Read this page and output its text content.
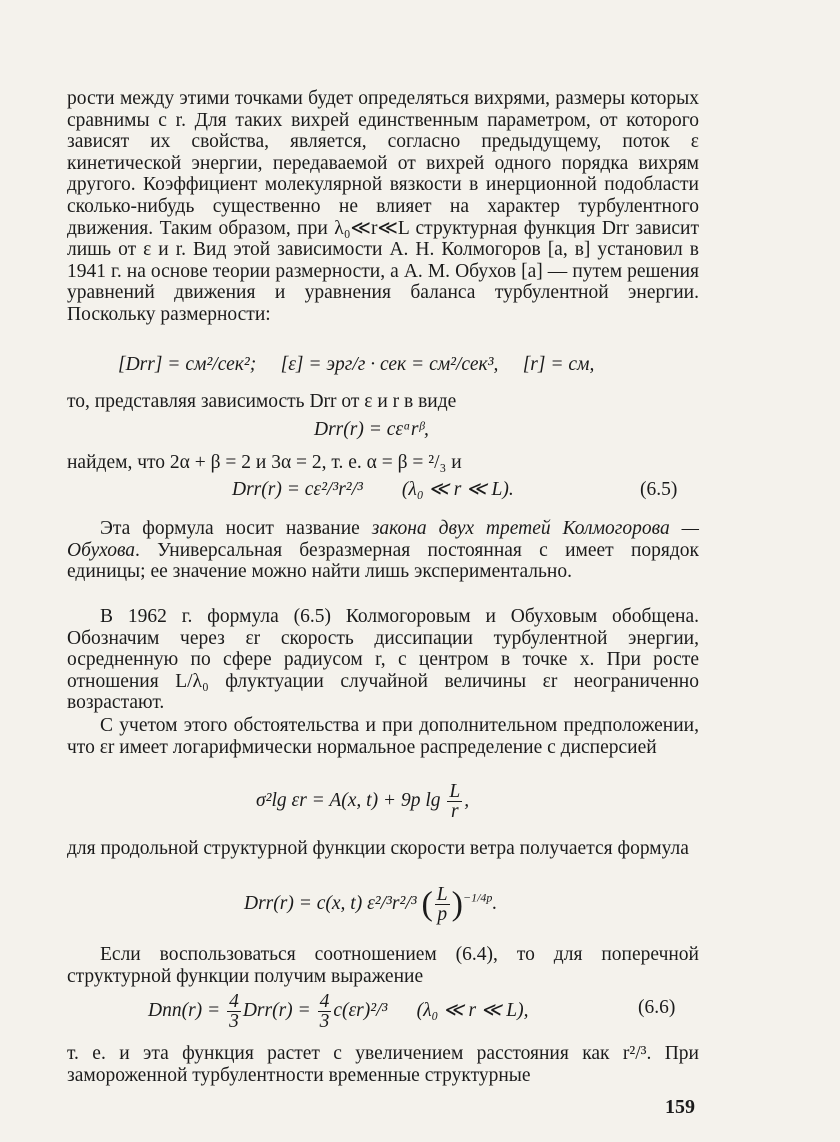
рости между этими точками будет определяться вихрями, размеры которых сравнимы с r. Для таких вихрей единственным параметром, от которого зависят их свойства, является, согласно предыдущему, поток ε кинетической энергии, передаваемой от вихрей одного порядка вихрям другого. Коэффициент молекулярной вязкости в инерционной подобласти сколько-нибудь существенно не влияет на характер турбулентного движения. Таким образом, при λ₀≪r≪L структурная функция Drr зависит лишь от ε и r. Вид этой зависимости А. Н. Колмогоров [а, в] установил в 1941 г. на основе теории размерности, а А. М. Обухов [а] — путем решения уравнений движения и уравнения баланса турбулентной энергии. Поскольку размерности:

[Drr] = см²/сек²; [ε] = эрг/г · сек = см²/сек³, [r] = см,

то, представляя зависимость Drr от ε и r в виде

Drr(r) = cεᵅrᵝ,

найдем, что 2α + β = 2 и 3α = 2, т. е. α = β = ²/₃ и

Drr(r) = cε²/³r²/³ (λ₀ ≪ r ≪ L).	(6.5)

Эта формула носит название закона двух третей Колмогорова — Обухова. Универсальная безразмерная постоянная c имеет порядок единицы; ее значение можно найти лишь экспериментально.

В 1962 г. формула (6.5) Колмогоровым и Обуховым обобщена. Обозначим через εr скорость диссипации турбулентной энергии, осредненную по сфере радиусом r, с центром в точке x. При росте отношения L/λ₀ флуктуации случайной величины εr неограниченно возрастают.

С учетом этого обстоятельства и при дополнительном предположении, что εr имеет логарифмически нормальное распределение с дисперсией

σ²lg εr = A(x, t) + 9p $\lg \frac{L}{r}$ ,

для продольной структурной функции скорости ветра получается формула

Drr(r) = c(x, t) ε²/³r²/³ ( $\frac{L}{p} )^{-1/4p}$.

Если воспользоваться соотношением (6.4), то для поперечной структурной функции получим выражение

$Dnn(r) = \frac{4}{3} Drr(r) = \frac{4}{3} c(\varepsilon r)^2/^3$ (λ₀ ≪ r ≪ L),	(6.6)

т. е. и эта функция растет с увеличением расстояния как r²/³. При замороженной турбулентности временные структурные

159
